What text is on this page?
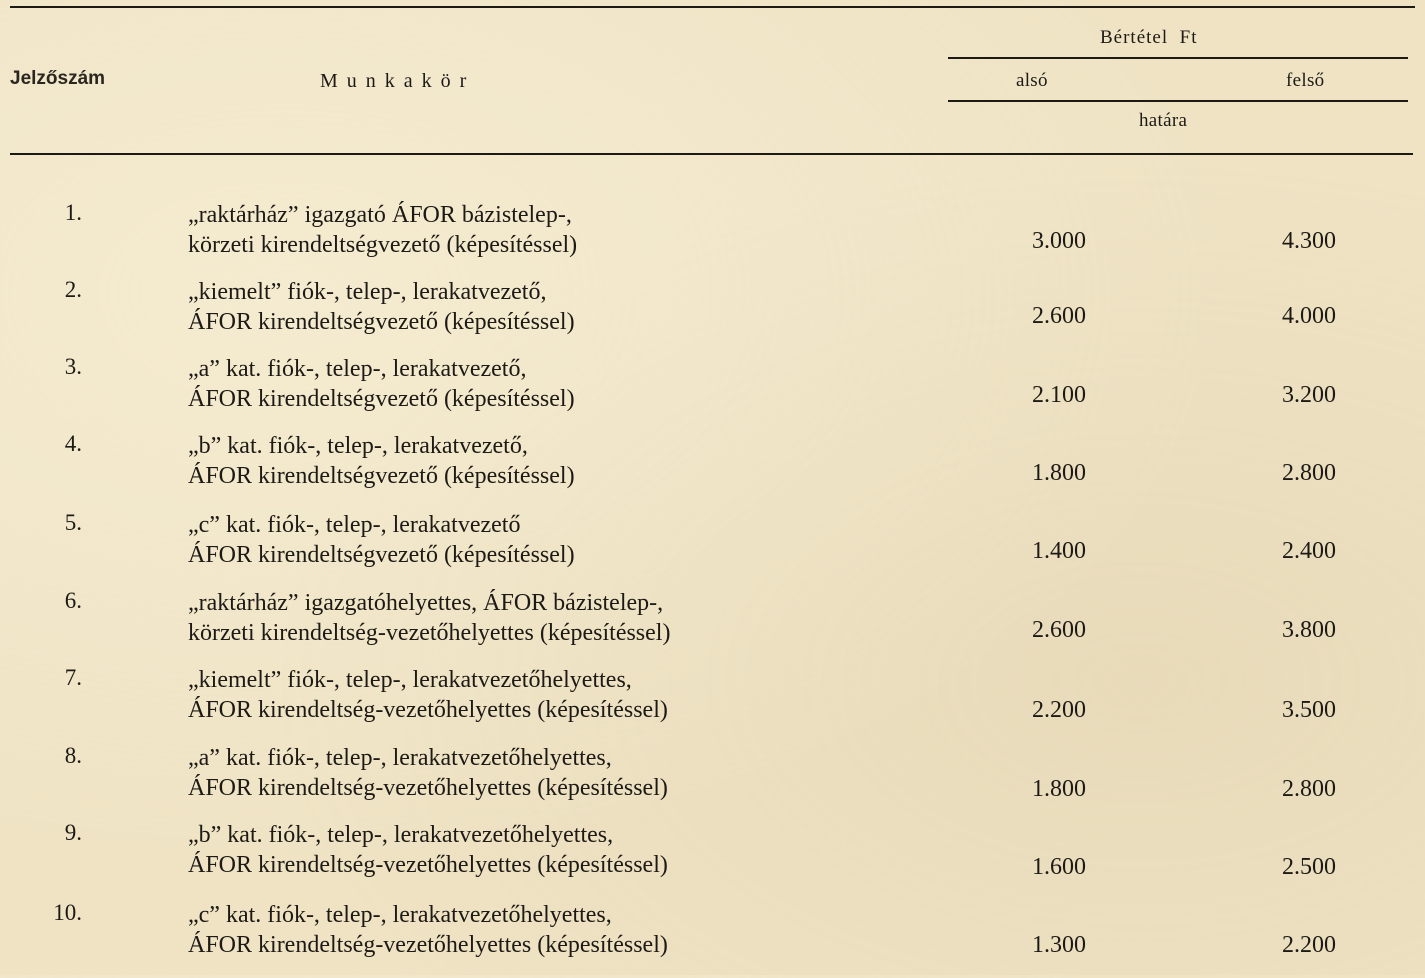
Jelzőszám	Munkakör
Bértétel  Ft
alsó	felső
határa
1.	„raktárház” igazgató ÁFOR bázistelep-,
körzeti kirendeltségvezető (képesítéssel)	3.000	4.300
2.	„kiemelt” fiók-, telep-, lerakatvezető,
ÁFOR kirendeltségvezető (képesítéssel)	2.600	4.000
3.	„a” kat. fiók-, telep-, lerakatvezető,
ÁFOR kirendeltségvezető (képesítéssel)	2.100	3.200
4.	„b” kat. fiók-, telep-, lerakatvezető,
ÁFOR kirendeltségvezető (képesítéssel)	1.800	2.800
5.	„c” kat. fiók-, telep-, lerakatvezető
ÁFOR kirendeltségvezető (képesítéssel)	1.400	2.400
6.	„raktárház” igazgatóhelyettes, ÁFOR bázistelep-,
körzeti kirendeltség-vezetőhelyettes (képesítéssel)	2.600	3.800
7.	„kiemelt” fiók-, telep-, lerakatvezetőhelyettes,
ÁFOR kirendeltség-vezetőhelyettes (képesítéssel)	2.200	3.500
8.	„a” kat. fiók-, telep-, lerakatvezetőhelyettes,
ÁFOR kirendeltség-vezetőhelyettes (képesítéssel)	1.800	2.800
9.	„b” kat. fiók-, telep-, lerakatvezetőhelyettes,
ÁFOR kirendeltség-vezetőhelyettes (képesítéssel)	1.600	2.500
10.	„c” kat. fiók-, telep-, lerakatvezetőhelyettes,
ÁFOR kirendeltség-vezetőhelyettes (képesítéssel)	1.300	2.200
